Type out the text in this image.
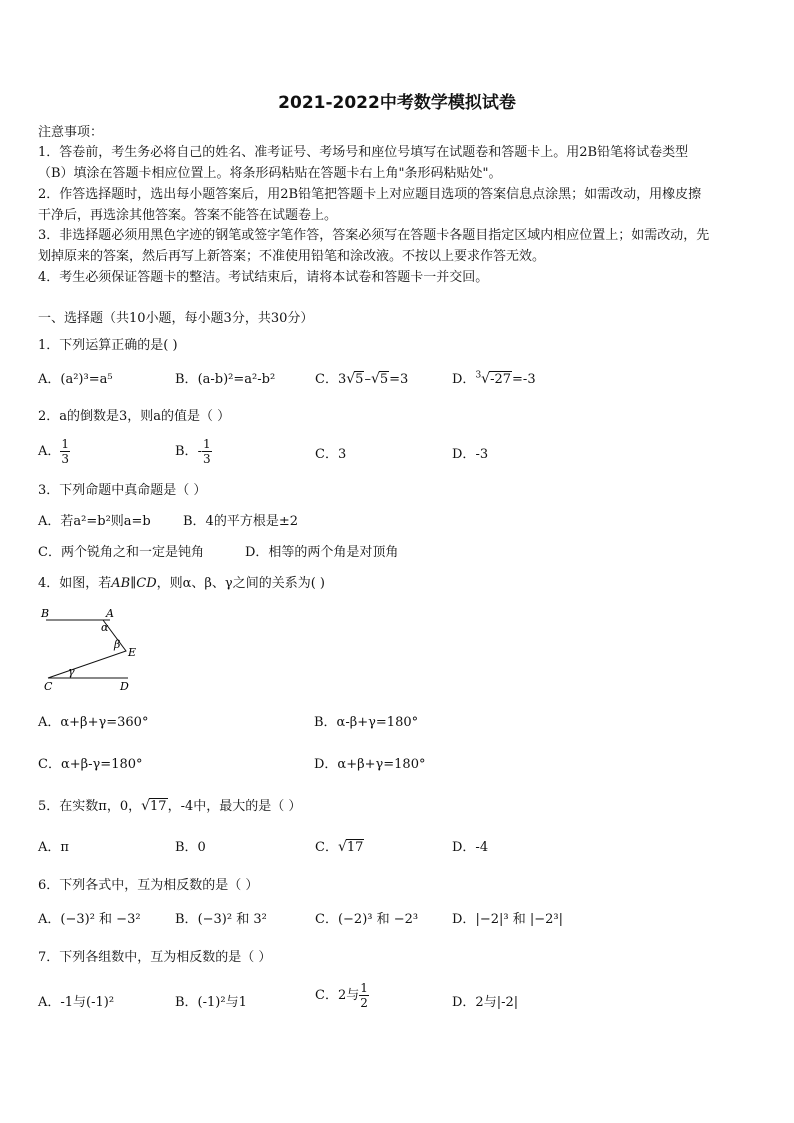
2021-2022中考数学模拟试卷
注意事项：
1．答卷前，考生务必将自己的姓名、准考证号、考场号和座位号填写在试题卷和答题卡上。用2B铅笔将试卷类型
（B）填涂在答题卡相应位置上。将条形码粘贴在答题卡右上角"条形码粘贴处"。
2．作答选择题时，选出每小题答案后，用2B铅笔把答题卡上对应题目选项的答案信息点涂黑；如需改动，用橡皮擦
干净后，再选涂其他答案。答案不能答在试题卷上。
3．非选择题必须用黑色字迹的钢笔或签字笔作答，答案必须写在答题卡各题目指定区域内相应位置上；如需改动，先
划掉原来的答案，然后再写上新答案；不准使用铅笔和涂改液。不按以上要求作答无效。
4．考生必须保证答题卡的整洁。考试结束后，请将本试卷和答题卡一并交回。
一、选择题（共10小题，每小题3分，共30分）
1．下列运算正确的是( )
A．(a²)³=a⁵	B．(a-b)²=a²-b²	C．3√5–√5=3	D．$^3$√-27=-3
2．a的倒数是3，则a的值是（ ）
A． $\frac{1}{3}$	B．- $\frac{1}{3}$	C．3	D．-3
3．下列命题中真命题是（ ）
A．若a²=b²则a=b B．4的平方根是±2
C．两个锐角之和一定是钝角	D．相等的两个角是对顶角
4．如图，若AB∥CD，则α、β、γ之间的关系为( )
B	A
α
β
E
γ
C	D
A．α+β+γ=360°	B．α-β+γ=180°
C．α+β-γ=180°	D．α+β+γ=180°
5．在实数π，0，√17，-4中，最大的是（ ）
A．π	B．0	C．√17	D．-4
6．下列各式中，互为相反数的是（ ）
A．(−3)² 和 −3²	B．(−3)² 和 3²	C．(−2)³ 和 −2³	D．|−2|³ 和 |−2³|
7．下列各组数中，互为相反数的是（ ）
A．-1与(-1)²	B．(-1)²与1	C．2与 $\frac{1}{2}$	D．2与|-2|
